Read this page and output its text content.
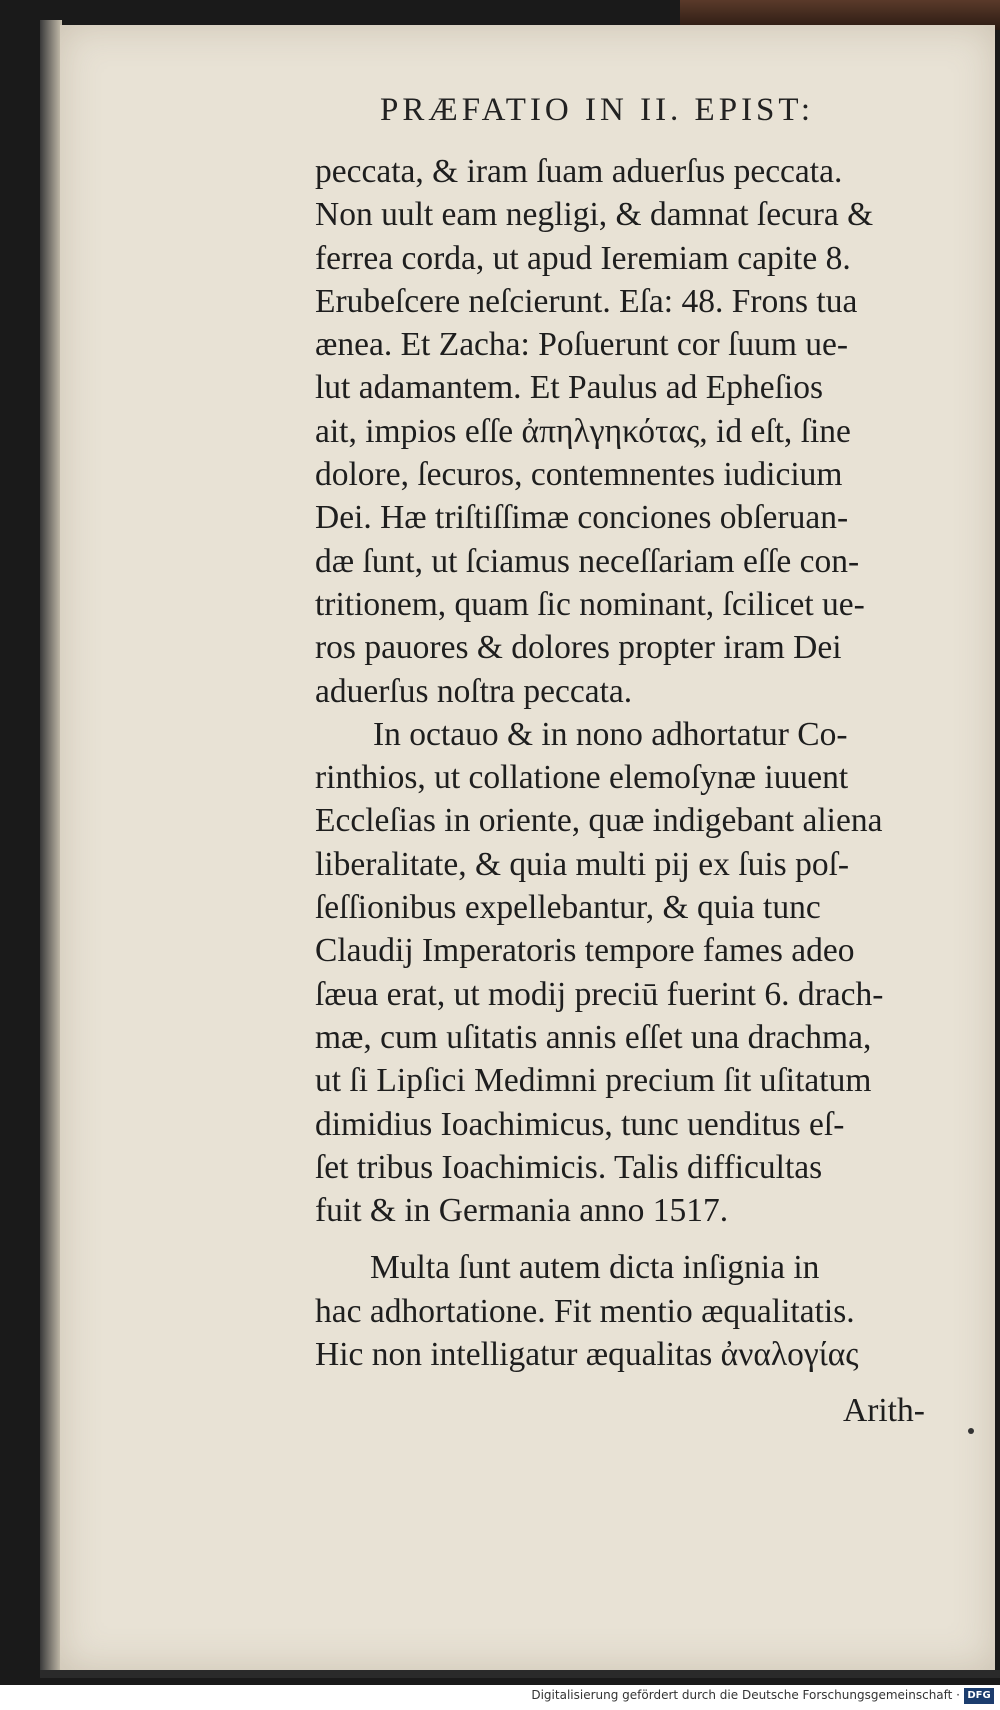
PRÆFATIO IN II. EPIST:
peccata, & iram ſuam aduerſus peccata.
Non uult eam negligi, & damnat ſecura &
ferrea corda, ut apud Ieremiam capite 8.
Erubeſcere neſcierunt. Eſa: 48. Frons tua
ænea. Et Zacha: Poſuerunt cor ſuum ue-
lut adamantem. Et Paulus ad Epheſios
ait, impios eſſe ἀπηλγηκότας, id eſt, ſine
dolore, ſecuros, contemnentes iudicium
Dei. Hæ triſtiſſimæ conciones obſeruan-
dæ ſunt, ut ſciamus neceſſariam eſſe con-
tritionem, quam ſic nominant, ſcilicet ue-
ros pauores & dolores propter iram Dei
aduerſus noſtra peccata.
In octauo & in nono adhortatur Co-
rinthios, ut collatione elemoſynæ iuuent
Eccleſias in oriente, quæ indigebant aliena
liberalitate, & quia multi pij ex ſuis poſ-
ſeſſionibus expellebantur, & quia tunc
Claudij Imperatoris tempore fames adeo
ſæua erat, ut modij preciū fuerint 6. drach-
mæ, cum uſitatis annis eſſet una drachma,
ut ſi Lipſici Medimni precium ſit uſitatum
dimidius Ioachimicus, tunc uenditus eſ-
ſet tribus Ioachimicis. Talis difficultas
fuit & in Germania anno 1517.
Multa ſunt autem dicta inſignia in
hac adhortatione. Fit mentio æqualitatis.
Hic non intelligatur æqualitas ἀναλογίας
Arith-
Digitalisierung gefördert durch die Deutsche Forschungsgemeinschaft · DFG
